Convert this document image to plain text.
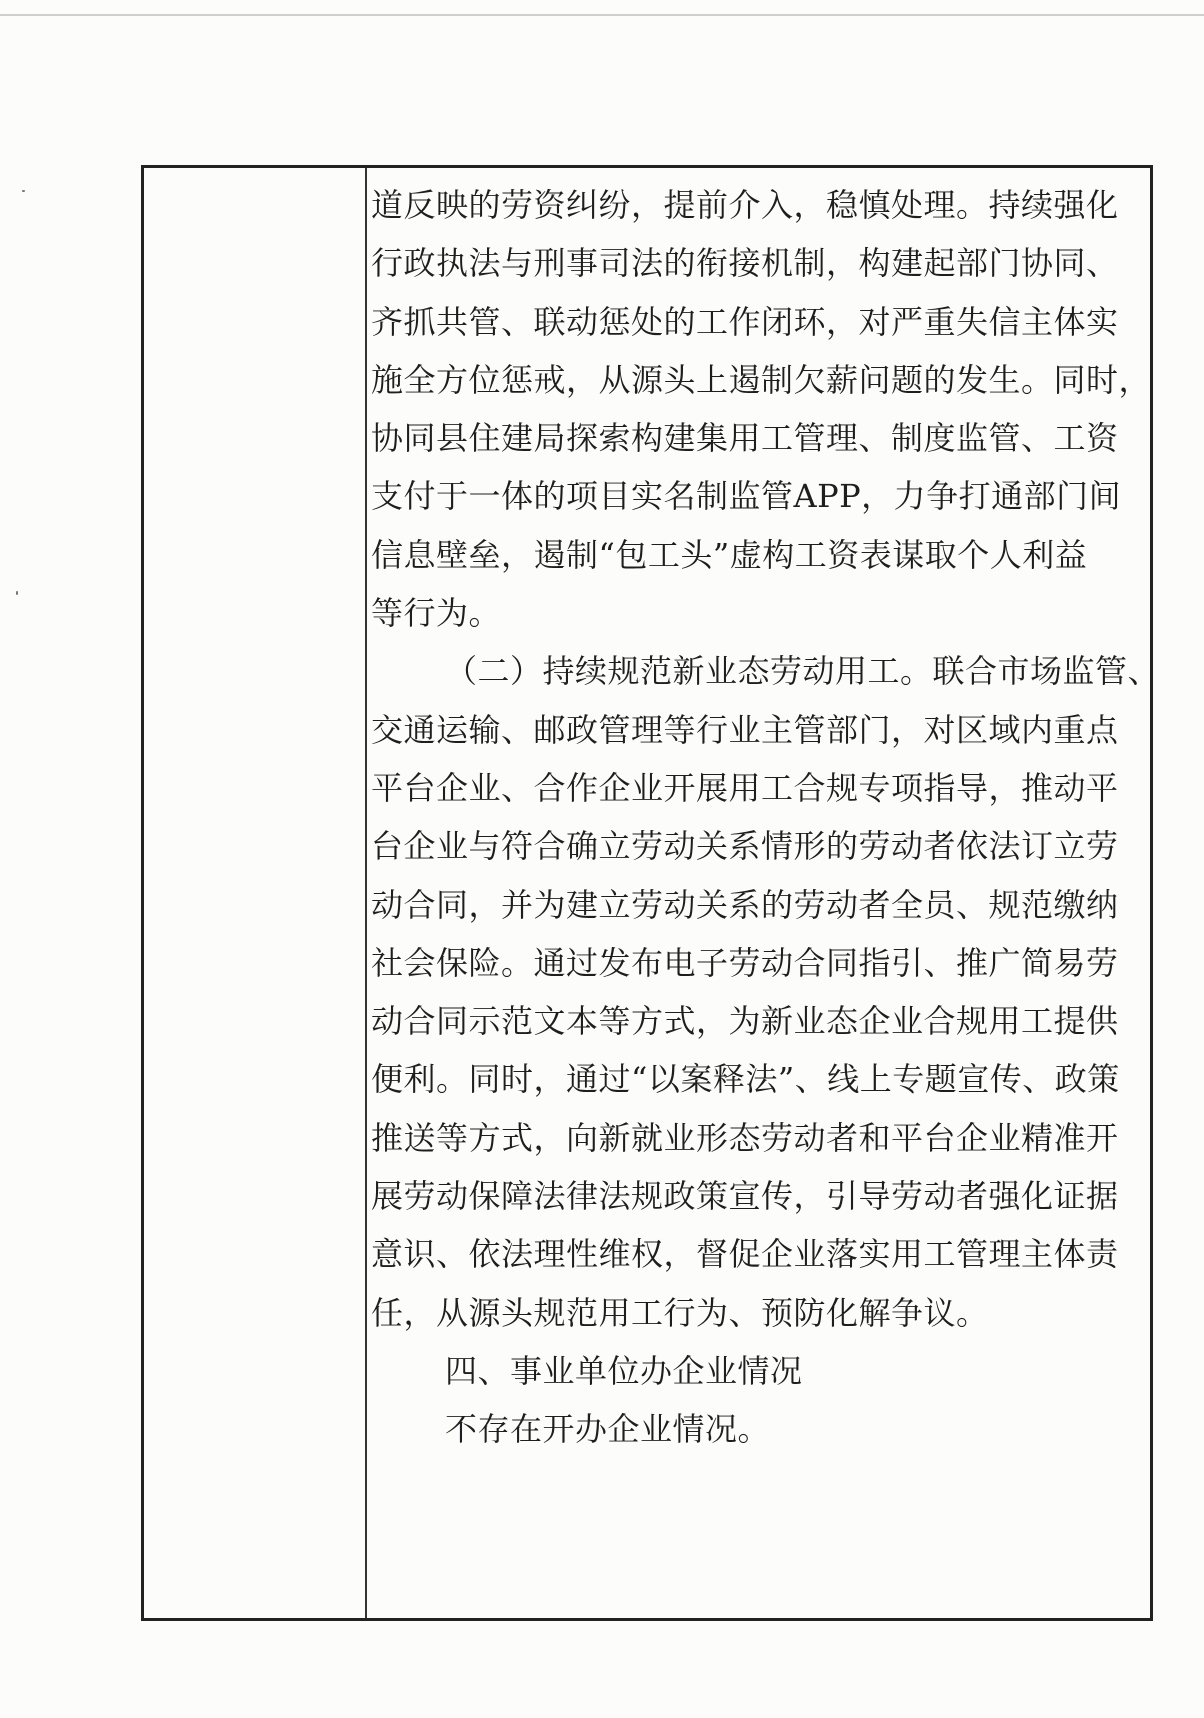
道反映的劳资纠纷，提前介入，稳慎处理。持续强化
行政执法与刑事司法的衔接机制，构建起部门协同、
齐抓共管、联动惩处的工作闭环，对严重失信主体实
施全方位惩戒，从源头上遏制欠薪问题的发生。同时，
协同县住建局探索构建集用工管理、制度监管、工资
支付于一体的项目实名制监管APP，力争打通部门间
信息壁垒，遏制“包工头”虚构工资表谋取个人利益
等行为。
（二）持续规范新业态劳动用工。联合市场监管、
交通运输、邮政管理等行业主管部门，对区域内重点
平台企业、合作企业开展用工合规专项指导，推动平
台企业与符合确立劳动关系情形的劳动者依法订立劳
动合同，并为建立劳动关系的劳动者全员、规范缴纳
社会保险。通过发布电子劳动合同指引、推广简易劳
动合同示范文本等方式，为新业态企业合规用工提供
便利。同时，通过“以案释法”、线上专题宣传、政策
推送等方式，向新就业形态劳动者和平台企业精准开
展劳动保障法律法规政策宣传，引导劳动者强化证据
意识、依法理性维权，督促企业落实用工管理主体责
任，从源头规范用工行为、预防化解争议。
四、事业单位办企业情况
不存在开办企业情况。
